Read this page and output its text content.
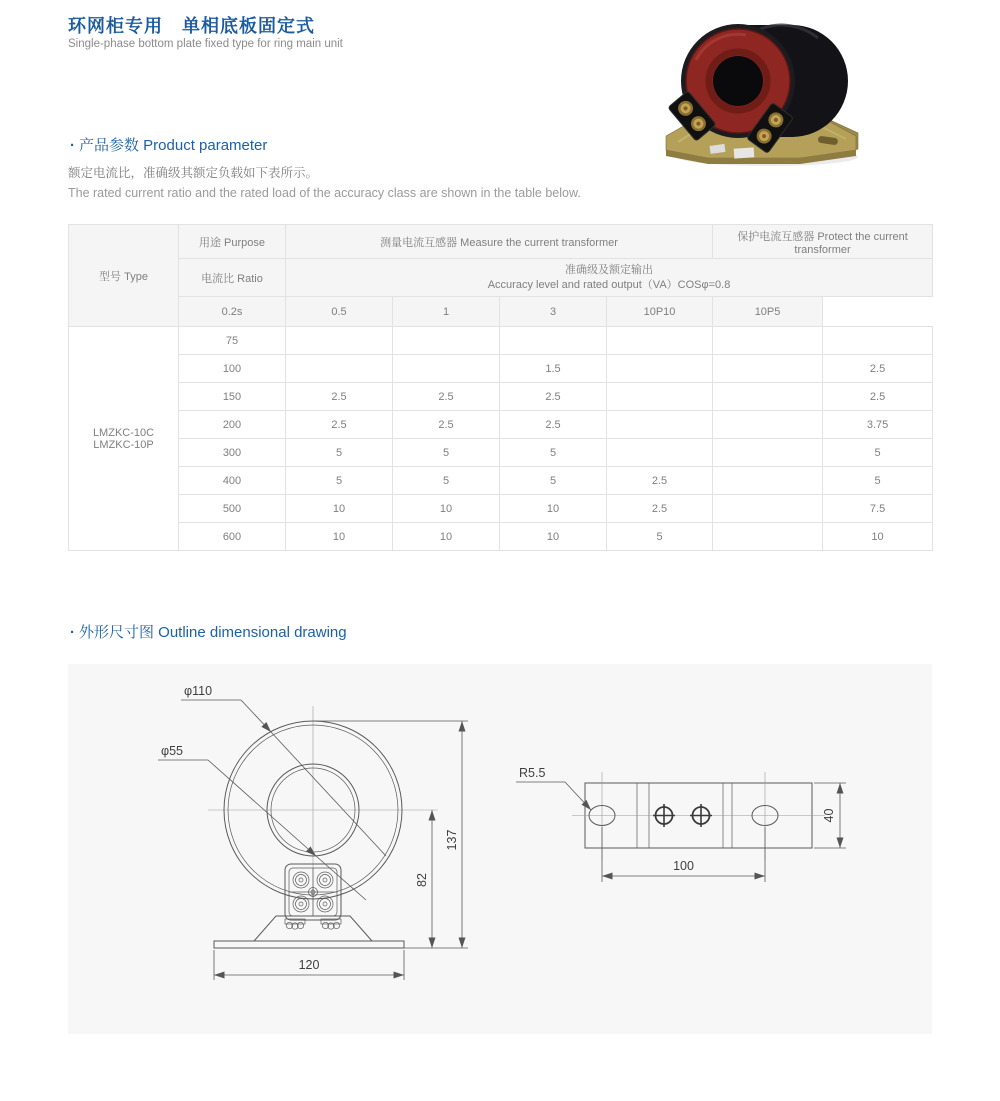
环网柜专用　单相底板固定式
Single-phase bottom plate fixed type for ring main unit
· 产品参数 Product parameter
额定电流比，准确级其额定负载如下表所示。
The rated current ratio and the rated load of the accuracy class are shown in the table below.
型号 Type	用途 Purpose	测量电流互感器 Measure the current transformer				保护电流互感器 Protect the current transformer	
	电流比 Ratio	准确级及额定输出
Accuracy level and rated output（VA）COSφ=0.8					

	0.2s	0.5	1	3	10P10	10P5	

LMZKC-10C
LMZKC-10P	75						
	100			1.5			2.5
	150	2.5	2.5	2.5			2.5
	200	2.5	2.5	2.5			3.75
	300	5	5	5			5
	400	5	5	5	2.5		5
	500	10	10	10	2.5		7.5
	600	10	10	10	5		10
· 外形尺寸图 Outline dimensional drawing
φ110
φ55
137
82
120
R5.5
100
40
